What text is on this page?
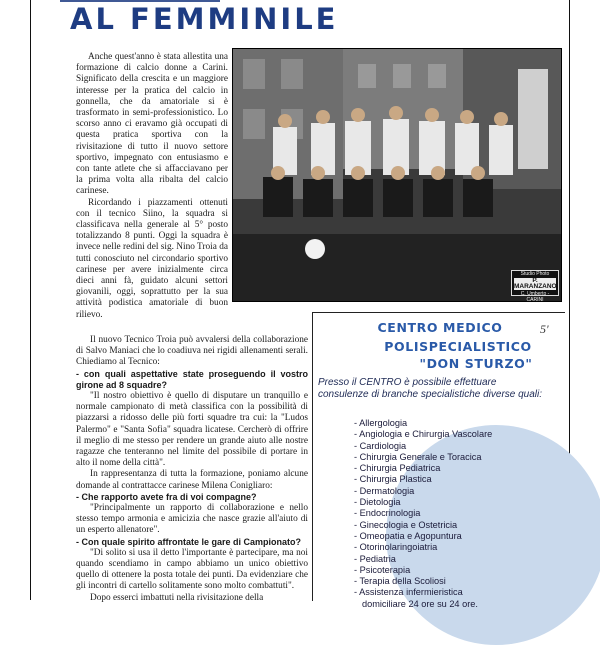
AL FEMMINILE

Anche quest'anno è stata allestita una formazione di calcio donne a Carini. Significato della crescita e un maggiore interesse per la pratica del calcio in gonnella, che da amatoriale si è trasformato in semi-professionistico. Lo scorso anno ci eravamo già occupati di questa pratica sportiva con la rivisitazione di tutto il nuovo settore sportivo, impegnato con entusiasmo e con tante atlete che si affacciavano per la prima volta alla ribalta del calcio carinese.

Ricordando i piazzamenti ottenuti con il tecnico Siino, la squadra si classificava nella generale al 5° posto totalizzando 8 punti. Oggi la squadra è invece nelle redini del sig. Nino Troia da tutti conosciuto nel circondario sportivo carinese per avere inizialmente circa dieci anni fà, guidato alcuni settori giovanili, oggi, soprattutto per la sua attività podistica amatoriale di buon rilievo.

Studio Photo
P. MARANZANO
C. Umberto - CARINI

Il nuovo Tecnico Troia può avvalersi della collaborazione di Salvo Maniaci che lo coadiuva nei rigidi allenamenti serali. Chiediamo al Tecnico:

- con quali aspettative state proseguendo il vostro girone ad 8 squadre?

"Il nostro obiettivo è quello di disputare un tranquillo e normale campionato di metà classifica con la possibilità di piazzarsi a ridosso delle più forti squadre tra cui: la "Ludos Palermo" e "Santa Sofia" squadra licatese. Cercherò di offrire il meglio di me stesso per rendere un grande aiuto alle nostre ragazze che tenteranno nel limite del possibile di portare in alto il nome della città".

In rappresentanza di tutta la formazione, poniamo alcune domande al contrattacce carinese Milena Conigliaro:

- Che rapporto avete fra di voi compagne?

"Principalmente un rapporto di collaborazione e nello stesso tempo armonia e amicizia che nasce grazie all'aiuto di un esperto allenatore".

- Con quale spirito affrontate le gare di Campionato?

"Di solito si usa il detto l'importante è partecipare, ma noi quando scendiamo in campo abbiamo un unico obiettivo quello di ottenere la posta totale dei punti. Da evidenziare che gli incontri di cartello solitamente sono molto combattuti".

Dopo esserci imbattuti nella rivisitazione della

5'
CENTRO MEDICO
POLISPECIALISTICO
"DON STURZO"
Presso il CENTRO è possibile effettuare consulenze di branche specialistiche diverse quali:
- Allergologia
- Angiologia e Chirurgia Vascolare
- Cardiologia
- Chirurgia Generale e Toracica
- Chirurgia Pediatrica
- Chirurgia Plastica
- Dermatologia
- Dietologia
- Endocrinologia
- Ginecologia e Ostetricia
- Omeopatia e Agopuntura
- Otorinolaringoiatria
- Pediatria
- Psicoterapia
- Terapia della Scoliosi
- Assistenza infermieristica
domiciliare 24 ore su 24 ore.
